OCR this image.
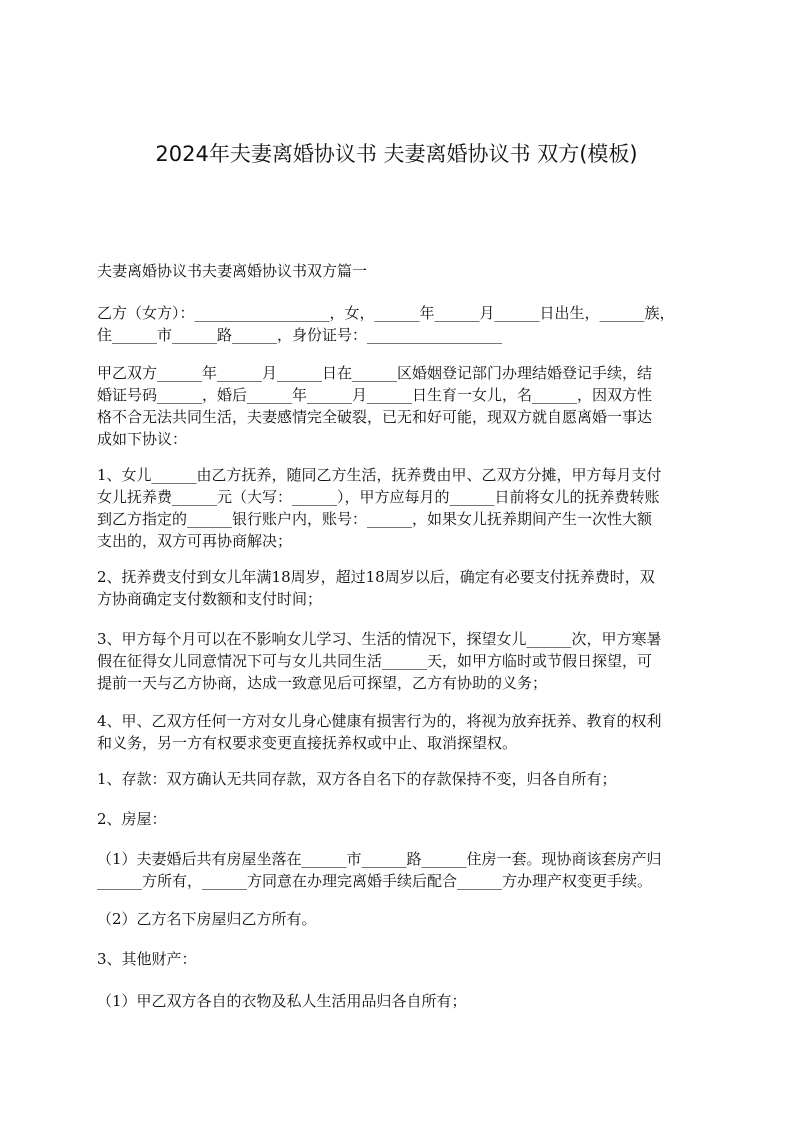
2024年夫妻离婚协议书 夫妻离婚协议书 双方(模板)
夫妻离婚协议书夫妻离婚协议书双方篇一
乙方（女方）：__________________，女，______年______月______日出生，______族，
住______市______路______，身份证号：__________________
甲乙双方______年______月______日在______区婚姻登记部门办理结婚登记手续，结
婚证号码______，婚后______年______月______日生育一女儿，名______，因双方性
格不合无法共同生活，夫妻感情完全破裂，已无和好可能，现双方就自愿离婚一事达
成如下协议：
1、女儿______由乙方抚养，随同乙方生活，抚养费由甲、乙双方分摊，甲方每月支付
女儿抚养费______元（大写：______），甲方应每月的______日前将女儿的抚养费转账
到乙方指定的______银行账户内，账号：______，如果女儿抚养期间产生一次性大额
支出的，双方可再协商解决；
2、抚养费支付到女儿年满18周岁，超过18周岁以后，确定有必要支付抚养费时，双
方协商确定支付数额和支付时间；
3、甲方每个月可以在不影响女儿学习、生活的情况下，探望女儿______次，甲方寒暑
假在征得女儿同意情况下可与女儿共同生活______天，如甲方临时或节假日探望，可
提前一天与乙方协商，达成一致意见后可探望，乙方有协助的义务；
4、甲、乙双方任何一方对女儿身心健康有损害行为的，将视为放弃抚养、教育的权利
和义务，另一方有权要求变更直接抚养权或中止、取消探望权。
1、存款：双方确认无共同存款，双方各自名下的存款保持不变，归各自所有；
2、房屋：
（1）夫妻婚后共有房屋坐落在______市______路______住房一套。现协商该套房产归
______方所有，______方同意在办理完离婚手续后配合______方办理产权变更手续。
（2）乙方名下房屋归乙方所有。
3、其他财产：
（1）甲乙双方各自的衣物及私人生活用品归各自所有；
